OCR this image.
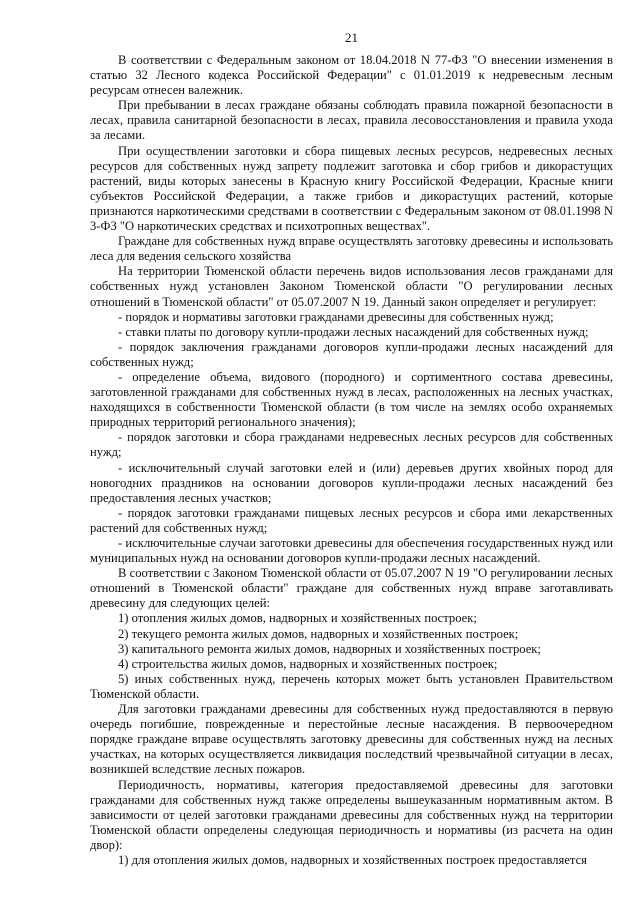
21

В соответствии с Федеральным законом от 18.04.2018 N 77-ФЗ "О внесении изменения в статью 32 Лесного кодекса Российской Федерации" с 01.01.2019 к недревесным лесным ресурсам отнесен валежник.

При пребывании в лесах граждане обязаны соблюдать правила пожарной безопасности в лесах, правила санитарной безопасности в лесах, правила лесовосстановления и правила ухода за лесами.

При осуществлении заготовки и сбора пищевых лесных ресурсов, недревесных лесных ресурсов для собственных нужд запрету подлежит заготовка и сбор грибов и дикорастущих растений, виды которых занесены в Красную книгу Российской Федерации, Красные книги субъектов Российской Федерации, а также грибов и дикорастущих растений, которые признаются наркотическими средствами в соответствии с Федеральным законом от 08.01.1998 N 3-ФЗ "О наркотических средствах и психотропных веществах".

Граждане для собственных нужд вправе осуществлять заготовку древесины и использовать леса для ведения сельского хозяйства

На территории Тюменской области перечень видов использования лесов гражданами для собственных нужд установлен Законом Тюменской области "О регулировании лесных отношений в Тюменской области" от 05.07.2007 N 19. Данный закон определяет и регулирует:

- порядок и нормативы заготовки гражданами древесины для собственных нужд;

- ставки платы по договору купли-продажи лесных насаждений для собственных нужд;

- порядок заключения гражданами договоров купли-продажи лесных насаждений для собственных нужд;

- определение объема, видового (породного) и сортиментного состава древесины, заготовленной гражданами для собственных нужд в лесах, расположенных на лесных участках, находящихся в собственности Тюменской области (в том числе на землях особо охраняемых природных территорий регионального значения);

- порядок заготовки и сбора гражданами недревесных лесных ресурсов для собственных нужд;

- исключительный случай заготовки елей и (или) деревьев других хвойных пород для новогодних праздников на основании договоров купли-продажи лесных насаждений без предоставления лесных участков;

- порядок заготовки гражданами пищевых лесных ресурсов и сбора ими лекарственных растений для собственных нужд;

- исключительные случаи заготовки древесины для обеспечения государственных нужд или муниципальных нужд на основании договоров купли-продажи лесных насаждений.

В соответствии с Законом Тюменской области от 05.07.2007 N 19 "О регулировании лесных отношений в Тюменской области" граждане для собственных нужд вправе заготавливать древесину для следующих целей:

1) отопления жилых домов, надворных и хозяйственных построек;

2) текущего ремонта жилых домов, надворных и хозяйственных построек;

3) капитального ремонта жилых домов, надворных и хозяйственных построек;

4) строительства жилых домов, надворных и хозяйственных построек;

5) иных собственных нужд, перечень которых может быть установлен Правительством Тюменской области.

Для заготовки гражданами древесины для собственных нужд предоставляются в первую очередь погибшие, поврежденные и перестойные лесные насаждения. В первоочередном порядке граждане вправе осуществлять заготовку древесины для собственных нужд на лесных участках, на которых осуществляется ликвидация последствий чрезвычайной ситуации в лесах, возникшей вследствие лесных пожаров.

Периодичность, нормативы, категория предоставляемой древесины для заготовки гражданами для собственных нужд также определены вышеуказанным нормативным актом. В зависимости от целей заготовки гражданами древесины для собственных нужд на территории Тюменской области определены следующая периодичность и нормативы (из расчета на один двор):

1) для отопления жилых домов, надворных и хозяйственных построек предоставляется
